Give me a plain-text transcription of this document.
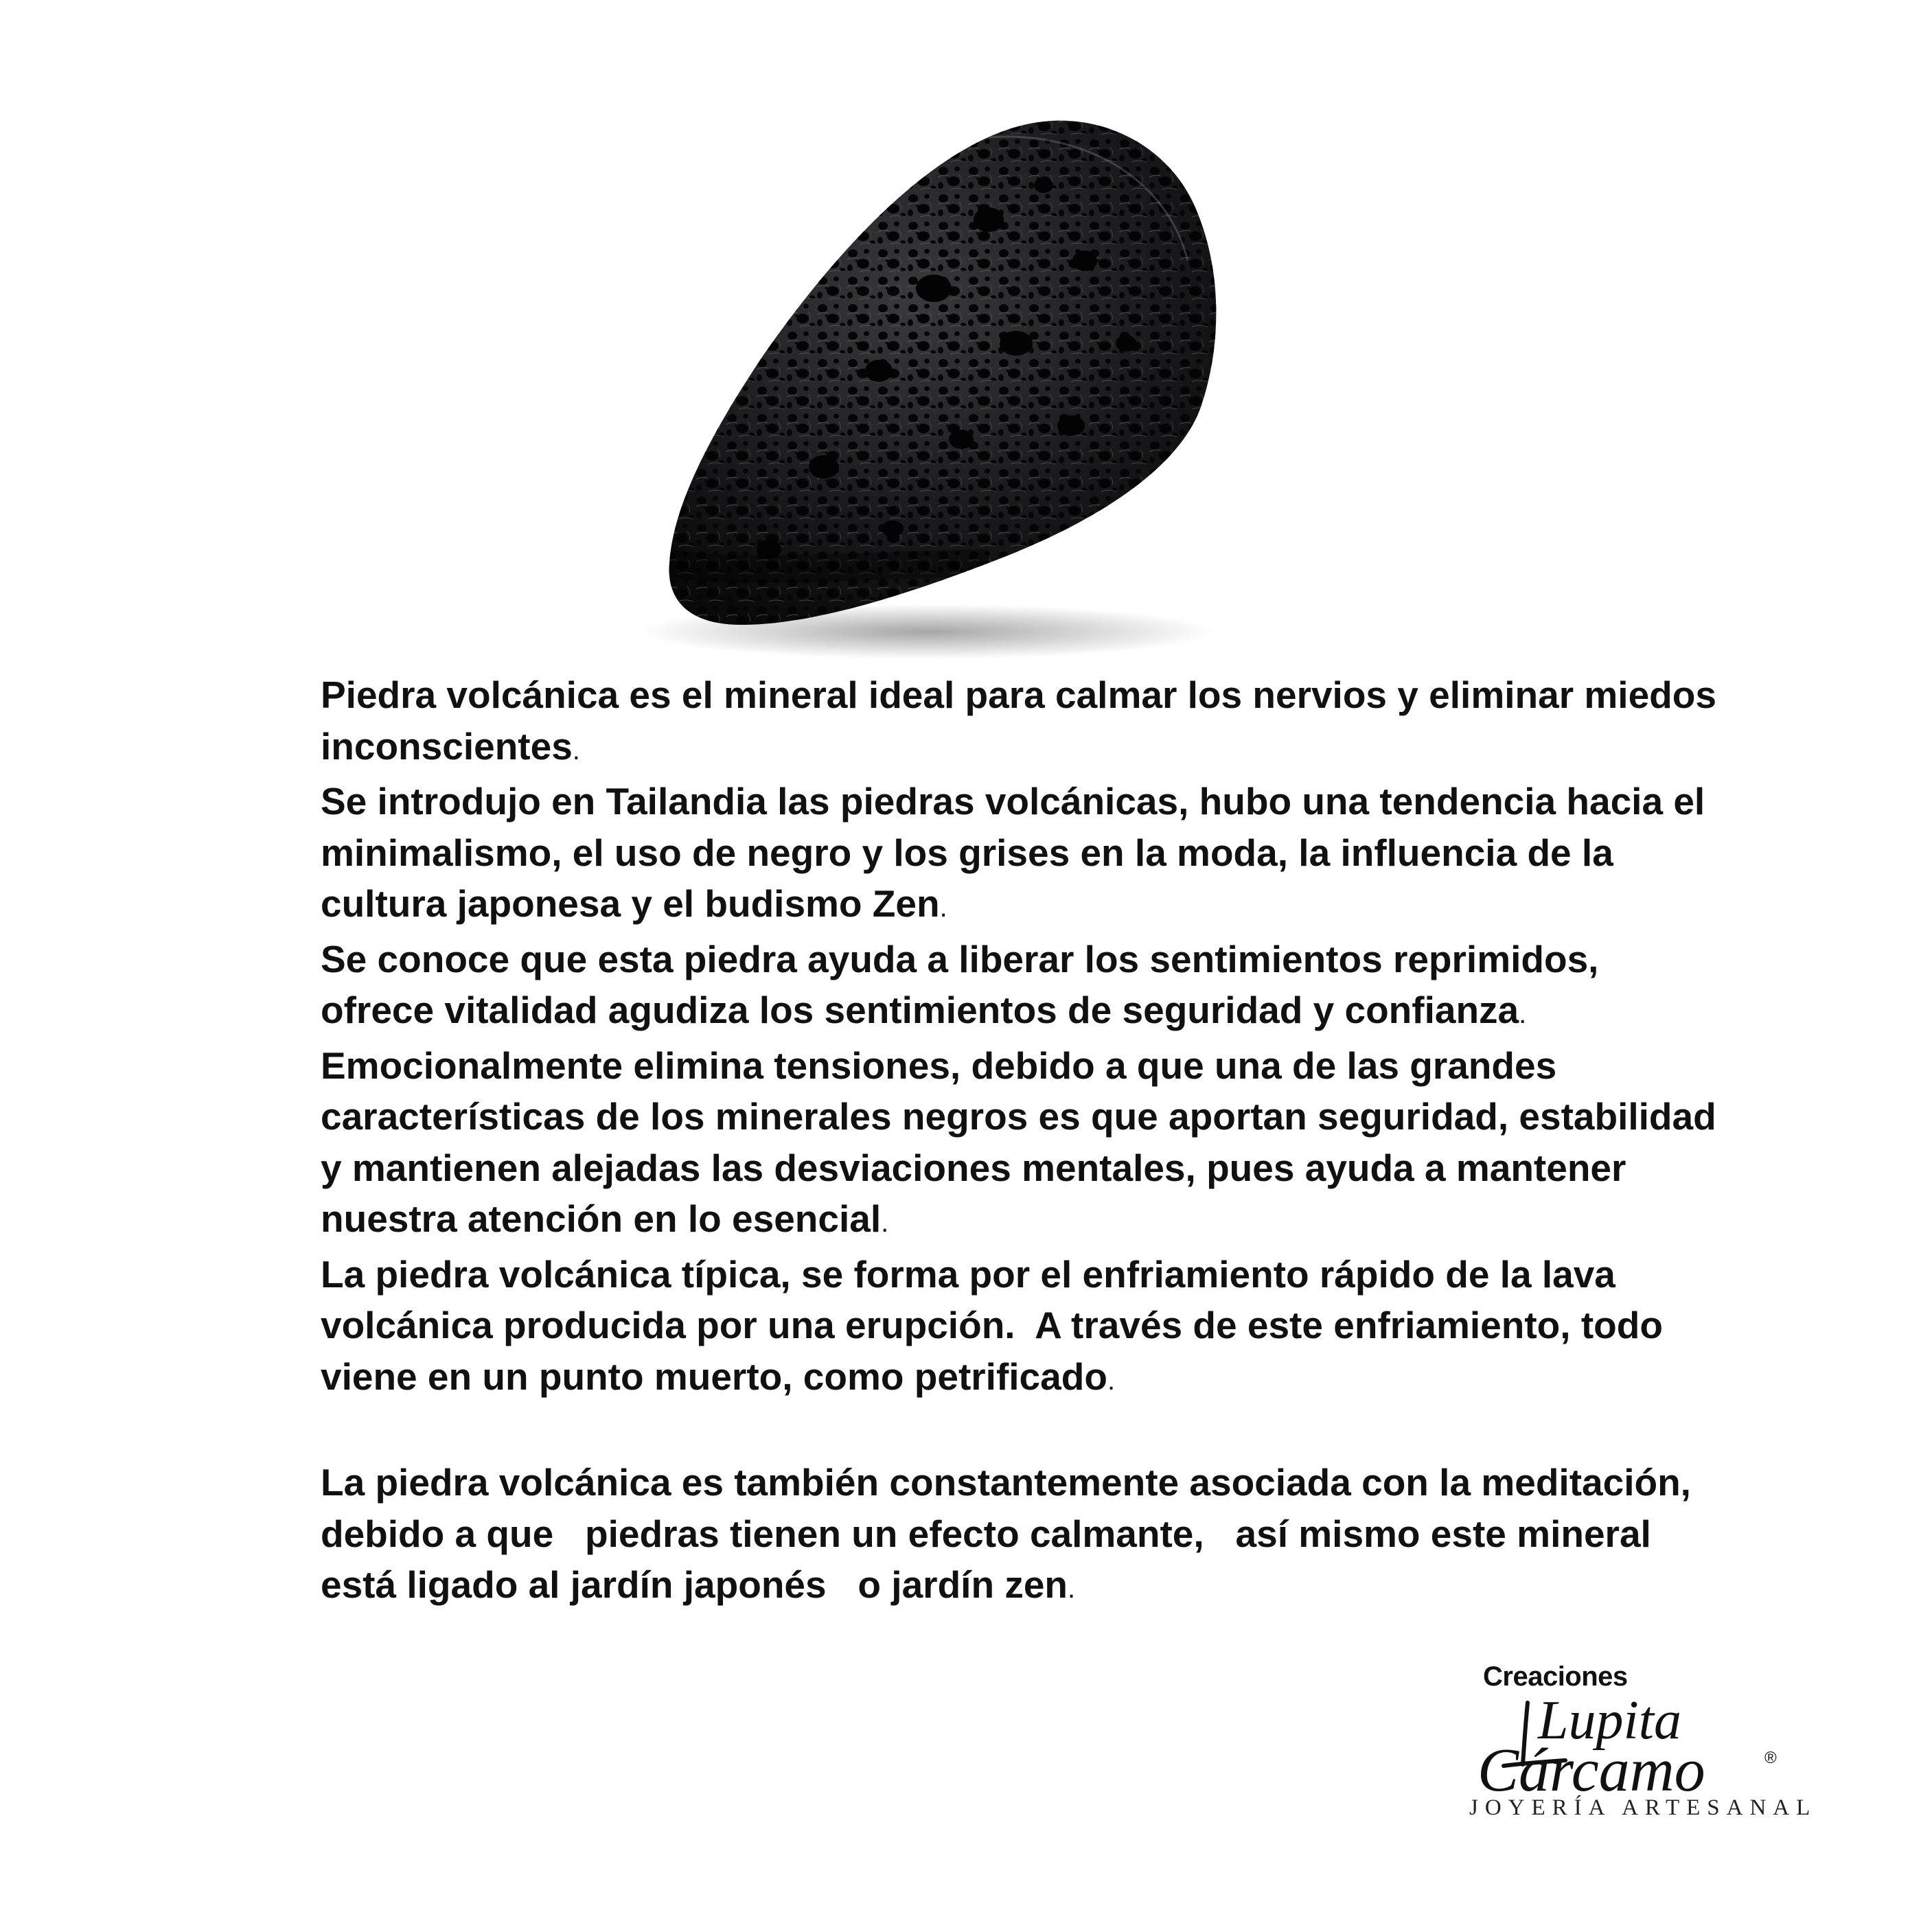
Piedra volcánica es el mineral ideal para calmar los nervios y eliminar miedos inconscientes.

Se introdujo en Tailandia las piedras volcánicas, hubo una tendencia hacia el minimalismo, el uso de negro y los grises en la moda, la influencia de la cultura japonesa y el budismo Zen.

Se conoce que esta piedra ayuda a liberar los sentimientos reprimidos, ofrece vitalidad agudiza los sentimientos de seguridad y confianza.

Emocionalmente elimina tensiones, debido a que una de las grandes características de los minerales negros es que aportan seguridad, estabilidad y mantienen alejadas las desviaciones mentales, pues ayuda a mantener nuestra atención en lo esencial.

La piedra volcánica típica, se forma por el enfriamiento rápido de la lava volcánica producida por una erupción.  A través de este enfriamiento, todo viene en un punto muerto, como petrificado.

La piedra volcánica es también constantemente asociada con la meditación, debido a que   piedras tienen un efecto calmante,   así mismo este mineral está ligado al jardín japonés   o jardín zen.

Creaciones
Lupita
Cárcamo	®
JOYERÍA ARTESANAL
